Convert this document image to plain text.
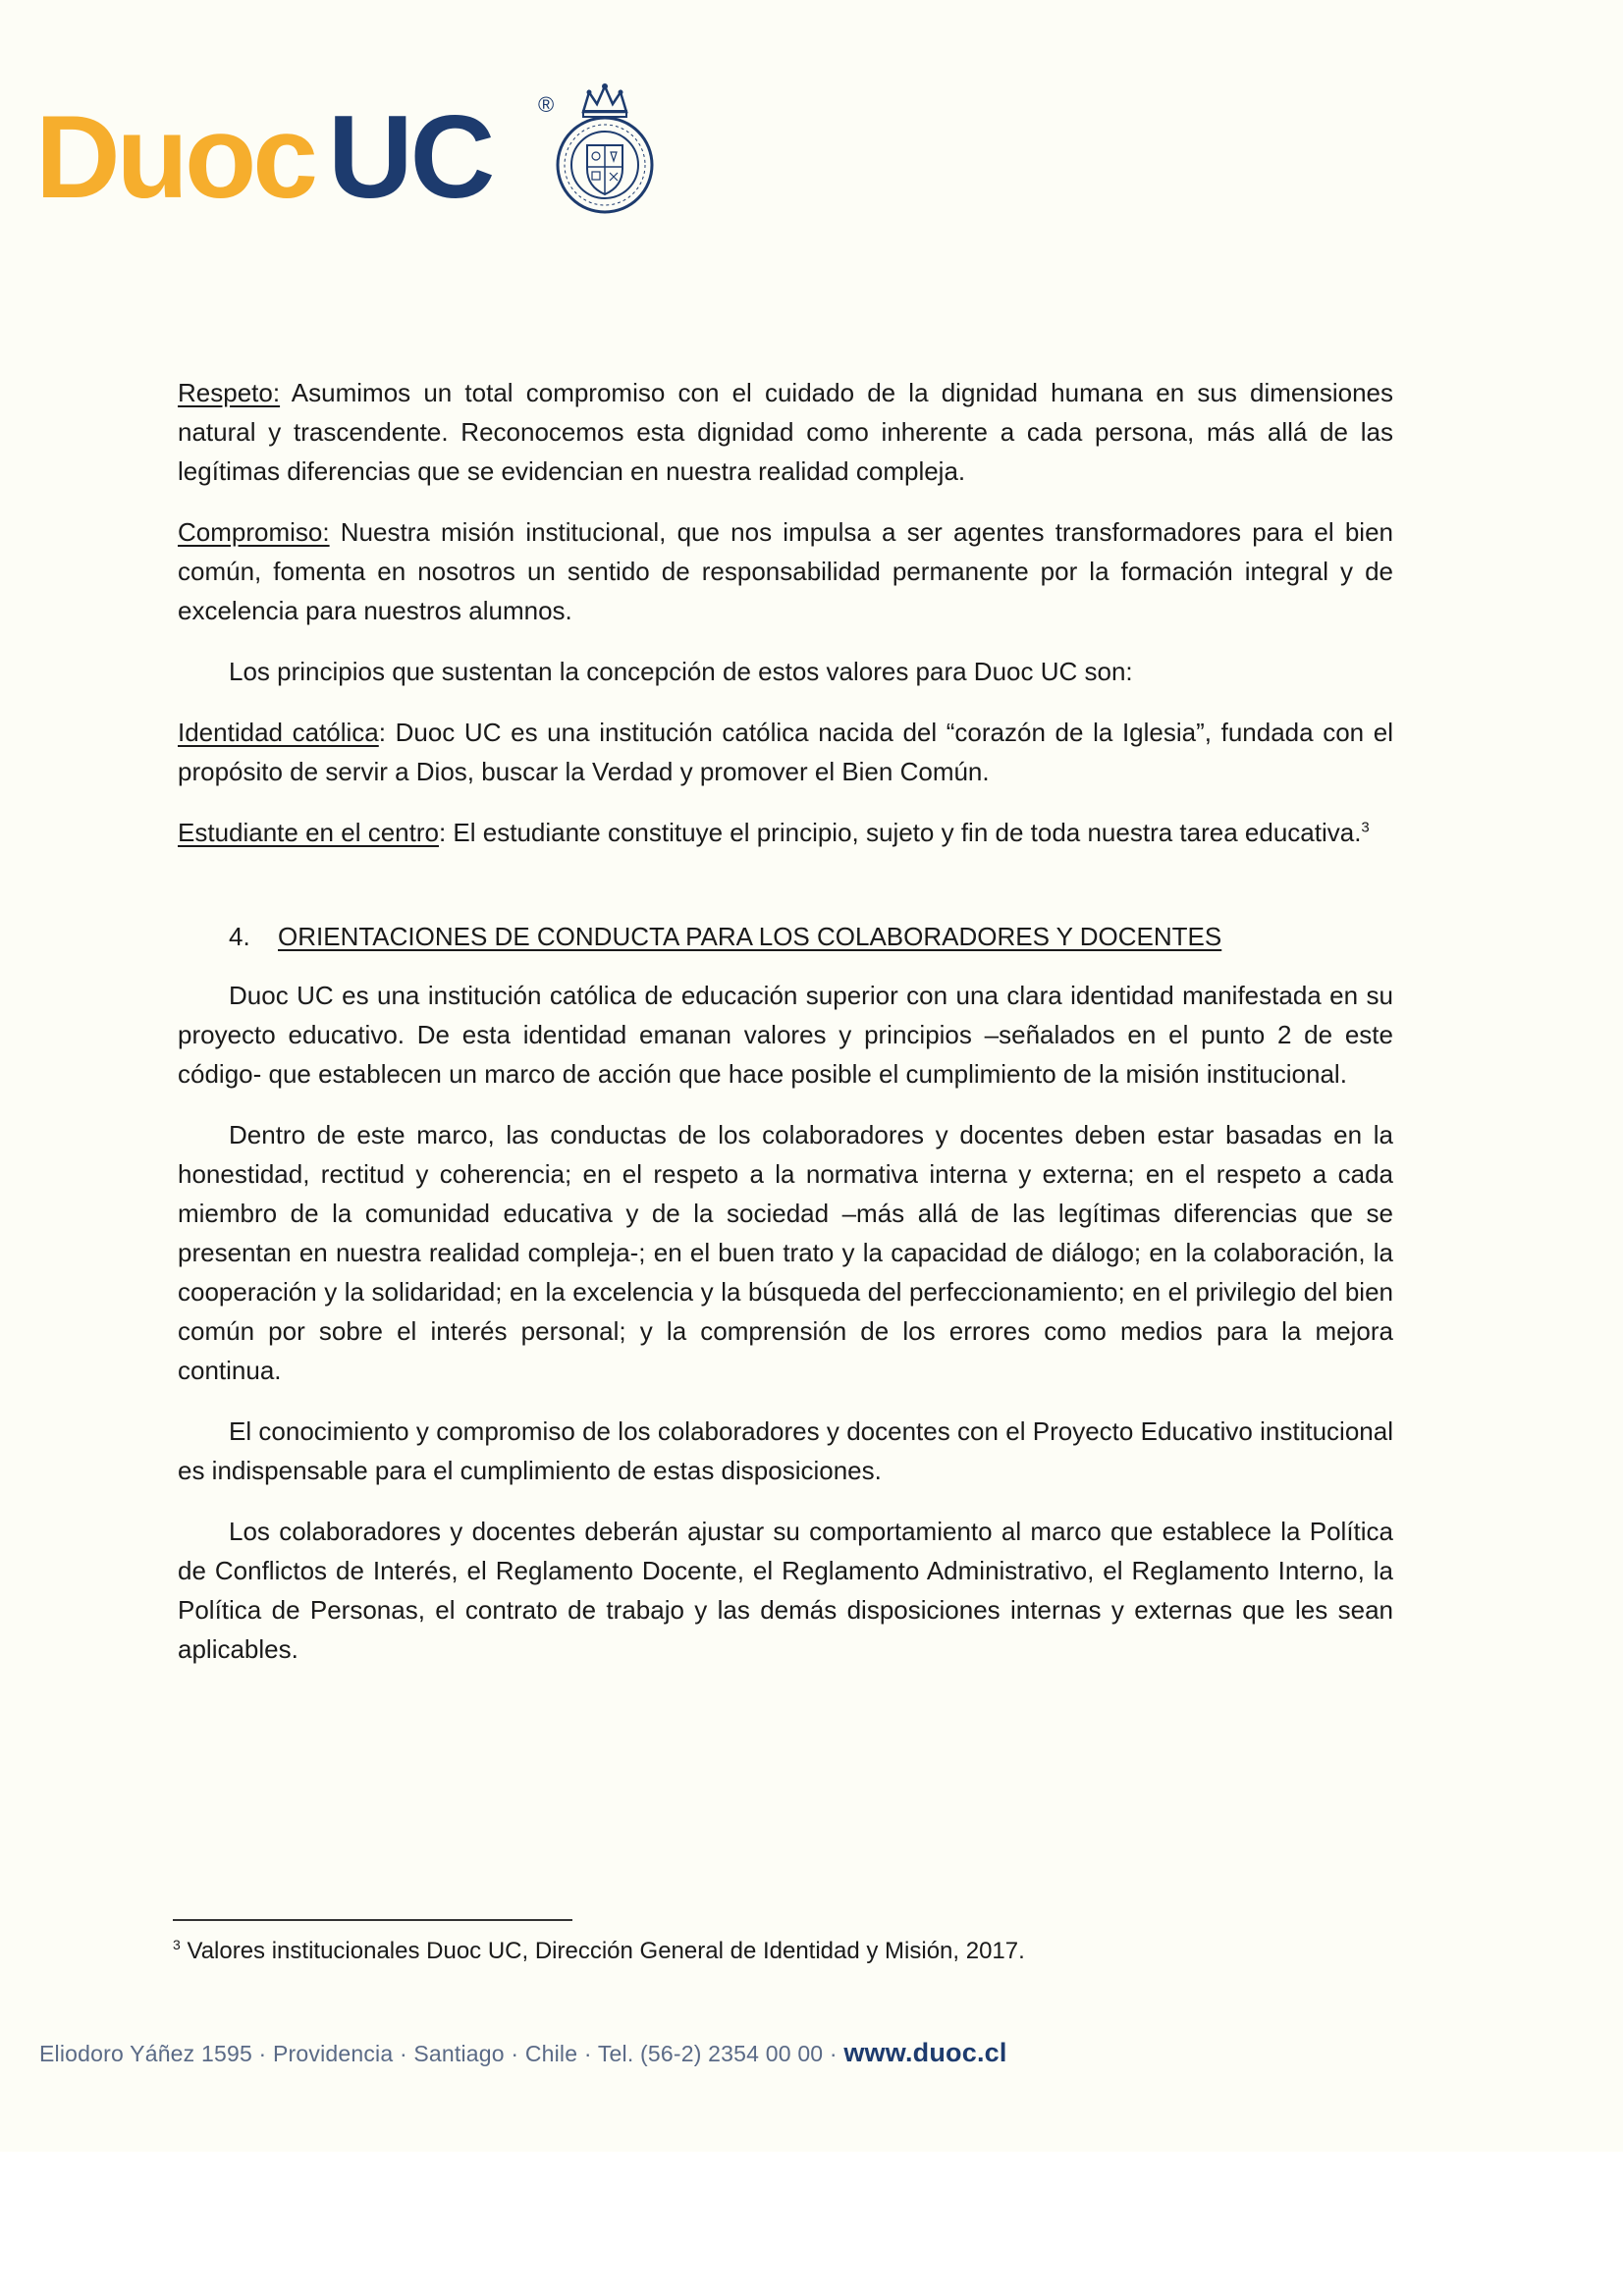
Duoc UC ®

Respeto: Asumimos un total compromiso con el cuidado de la dignidad humana en sus dimensiones natural y trascendente. Reconocemos esta dignidad como inherente a cada persona, más allá de las legítimas diferencias que se evidencian en nuestra realidad compleja.

Compromiso: Nuestra misión institucional, que nos impulsa a ser agentes transformadores para el bien común, fomenta en nosotros un sentido de responsabilidad permanente por la formación integral y de excelencia para nuestros alumnos.

Los principios que sustentan la concepción de estos valores para Duoc UC son:

Identidad católica: Duoc UC es una institución católica nacida del “corazón de la Iglesia”, fundada con el propósito de servir a Dios, buscar la Verdad y promover el Bien Común.

Estudiante en el centro: El estudiante constituye el principio, sujeto y fin de toda nuestra tarea educativa.$^3$

4. ORIENTACIONES DE CONDUCTA PARA LOS COLABORADORES Y DOCENTES

Duoc UC es una institución católica de educación superior con una clara identidad manifestada en su proyecto educativo. De esta identidad emanan valores y principios –señalados en el punto 2 de este código- que establecen un marco de acción que hace posible el cumplimiento de la misión institucional.

Dentro de este marco, las conductas de los colaboradores y docentes deben estar basadas en la honestidad, rectitud y coherencia; en el respeto a la normativa interna y externa; en el respeto a cada miembro de la comunidad educativa y de la sociedad –más allá de las legítimas diferencias que se presentan en nuestra realidad compleja-; en el buen trato y la capacidad de diálogo; en la colaboración, la cooperación y la solidaridad; en la excelencia y la búsqueda del perfeccionamiento; en el privilegio del bien común por sobre el interés personal; y la comprensión de los errores como medios para la mejora continua.

El conocimiento y compromiso de los colaboradores y docentes con el Proyecto Educativo institucional es indispensable para el cumplimiento de estas disposiciones.

Los colaboradores y docentes deberán ajustar su comportamiento al marco que establece la Política de Conflictos de Interés, el Reglamento Docente, el Reglamento Administrativo, el Reglamento Interno, la Política de Personas, el contrato de trabajo y las demás disposiciones internas y externas que les sean aplicables.

$^3$ Valores institucionales Duoc UC, Dirección General de Identidad y Misión, 2017.
Eliodoro Yáñez 1595 · Providencia · Santiago · Chile · Tel. (56-2) 2354 00 00 · www.duoc.cl
